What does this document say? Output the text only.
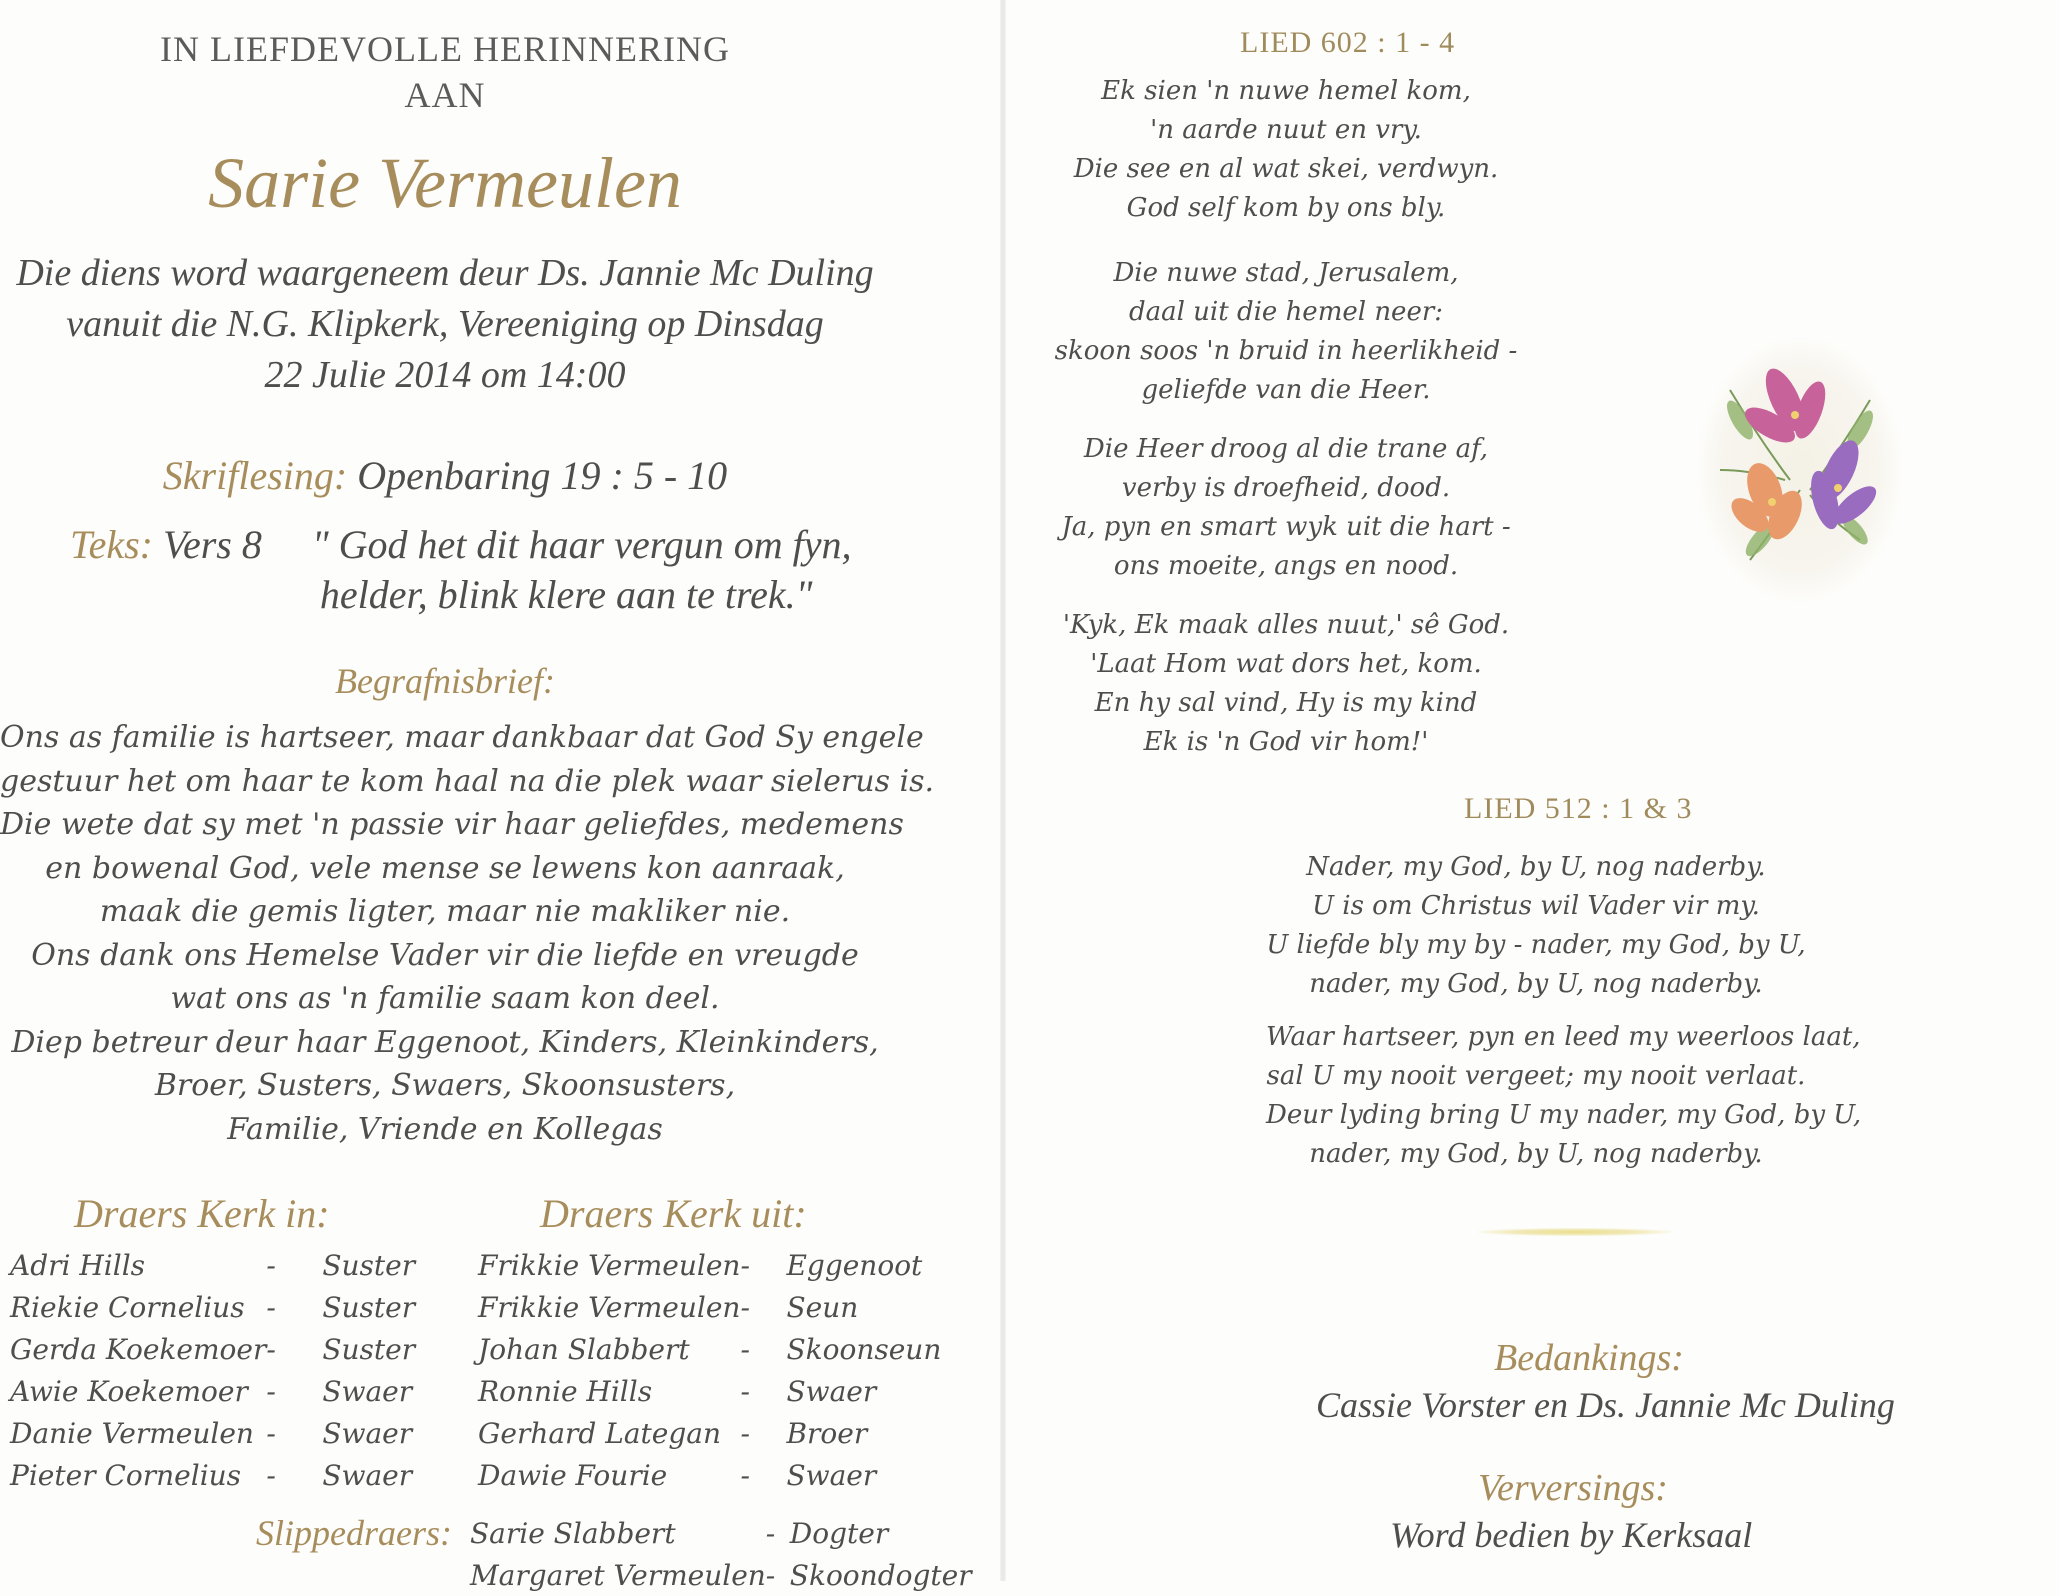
IN LIEFDEVOLLE HERINNERING
AAN
Sarie Vermeulen
Die diens word waargeneem deur Ds. Jannie Mc Duling
vanuit die N.G. Klipkerk, Vereeniging op Dinsdag
22 Julie 2014 om 14:00
Skriflesing: Openbaring 19 : 5 - 10
Teks: Vers 8 " God het dit haar vergun om fyn,
helder, blink klere aan te trek."
Begrafnisbrief:
Ons as familie is hartseer, maar dankbaar dat God Sy engele
gestuur het om haar te kom haal na die plek waar sielerus is.
Die wete dat sy met 'n passie vir haar geliefdes, medemens
en bowenal God, vele mense se lewens kon aanraak,
maak die gemis ligter, maar nie makliker nie.
Ons dank ons Hemelse Vader vir die liefde en vreugde
wat ons as 'n familie saam kon deel.
Diep betreur deur haar Eggenoot, Kinders, Kleinkinders,
Broer, Susters, Swaers, Skoonsusters,
Familie, Vriende en Kollegas
Draers Kerk in:	Draers Kerk uit:
Adri Hills	-	Suster
Riekie Cornelius	-	Suster
Gerda Koekemoer	-	Suster
Awie Koekemoer	-	Swaer
Danie Vermeulen	-	Swaer
Pieter Cornelius	-	Swaer
Frikkie Vermeulen	-	Eggenoot
Frikkie Vermeulen	-	Seun
Johan Slabbert	-	Skoonseun
Ronnie Hills	-	Swaer
Gerhard Lategan	-	Broer
Dawie Fourie	-	Swaer
Slippedraers: Sarie Slabbert	-	Dogter
Margaret Vermeulen	-	Skoondogter
LIED 602 : 1 - 4
Ek sien 'n nuwe hemel kom,
'n aarde nuut en vry.
Die see en al wat skei, verdwyn.
God self kom by ons bly.
Die nuwe stad, Jerusalem,
daal uit die hemel neer:
skoon soos 'n bruid in heerlikheid -
geliefde van die Heer.
Die Heer droog al die trane af,
verby is droefheid, dood.
Ja, pyn en smart wyk uit die hart -
ons moeite, angs en nood.
'Kyk, Ek maak alles nuut,' sê God.
'Laat Hom wat dors het, kom.
En hy sal vind, Hy is my kind
Ek is 'n God vir hom!'
LIED 512 : 1 & 3
Nader, my God, by U, nog naderby.
U is om Christus wil Vader vir my.
U liefde bly my by - nader, my God, by U,
nader, my God, by U, nog naderby.
Waar hartseer, pyn en leed my weerloos laat,
sal U my nooit vergeet; my nooit verlaat.
Deur lyding bring U my nader, my God, by U,
nader, my God, by U, nog naderby.
Bedankings:
Cassie Vorster en Ds. Jannie Mc Duling
Verversings:
Word bedien by Kerksaal
